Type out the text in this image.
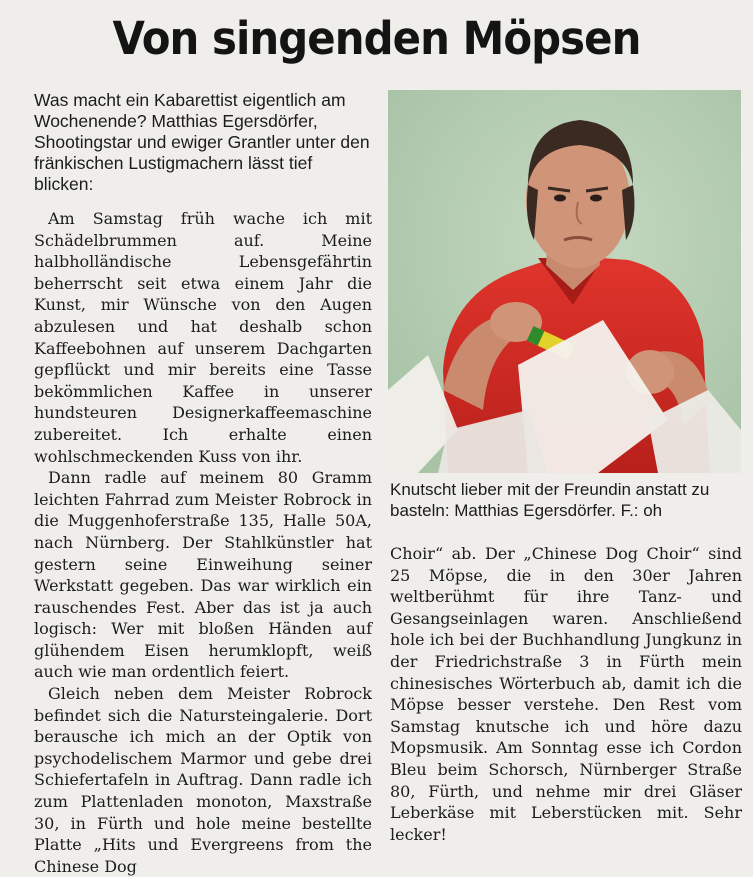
Von singenden Möpsen
Was macht ein Kabarettist eigentlich am Wochenende? Matthias Egersdörfer, Shootingstar und ewiger Grantler unter den fränkischen Lustigmachern lässt tief blicken:

Am Samstag früh wache ich mit Schädelbrummen auf. Meine halbholländische Lebensgefährtin beherrscht seit etwa einem Jahr die Kunst, mir Wünsche von den Augen abzulesen und hat deshalb schon Kaffeebohnen auf unserem Dachgarten gepflückt und mir bereits eine Tasse bekömmlichen Kaffee in unserer hundsteuren Designerkaffeemaschine zubereitet. Ich erhalte einen wohlschmeckenden Kuss von ihr.

Dann radle auf meinem 80 Gramm leichten Fahrrad zum Meister Robrock in die Muggenhoferstraße 135, Halle 50A, nach Nürnberg. Der Stahlkünstler hat gestern seine Einweihung seiner Werkstatt gegeben. Das war wirklich ein rauschendes Fest. Aber das ist ja auch logisch: Wer mit bloßen Händen auf glühendem Eisen herumklopft, weiß auch wie man ordentlich feiert.

Gleich neben dem Meister Robrock befindet sich die Natursteingalerie. Dort berausche ich mich an der Optik von psychodelischem Marmor und gebe drei Schiefertafeln in Auftrag. Dann radle ich zum Plattenladen monoton, Maxstraße 30, in Fürth und hole meine bestellte Platte „Hits und Evergreens from the Chinese Dog

Knutscht lieber mit der Freundin anstatt zu basteln: Matthias Egersdörfer. F.: oh

Choir“ ab. Der „Chinese Dog Choir“ sind 25 Möpse, die in den 30er Jahren weltberühmt für ihre Tanz- und Gesangseinlagen waren. Anschließend hole ich bei der Buchhandlung Jungkunz in der Friedrichstraße 3 in Fürth mein chinesisches Wörterbuch ab, damit ich die Möpse besser verstehe. Den Rest vom Samstag knutsche ich und höre dazu Mopsmusik. Am Sonntag esse ich Cordon Bleu beim Schorsch, Nürnberger Straße 80, Fürth, und nehme mir drei Gläser Leberkäse mit Leberstücken mit. Sehr lecker!
